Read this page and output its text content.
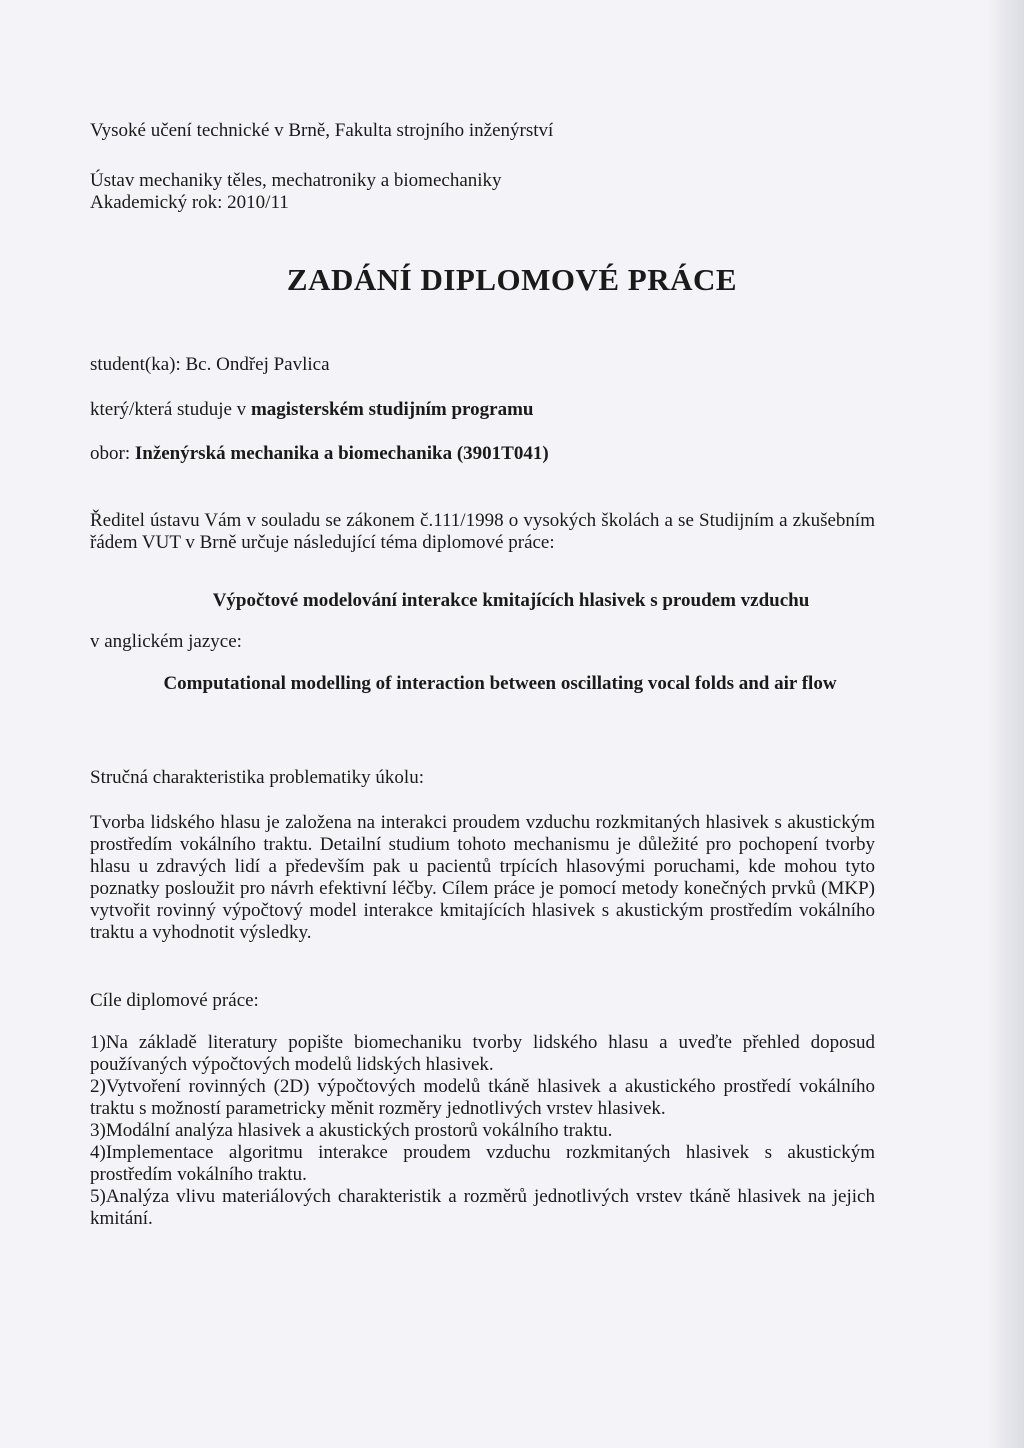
Vysoké učení technické v Brně, Fakulta strojního inženýrství
Ústav mechaniky těles, mechatroniky a biomechaniky
Akademický rok: 2010/11
ZADÁNÍ DIPLOMOVÉ PRÁCE
student(ka): Bc. Ondřej Pavlica
který/která studuje v magisterském studijním programu
obor: Inženýrská mechanika a biomechanika (3901T041)
Ředitel ústavu Vám v souladu se zákonem č.111/1998 o vysokých školách a se Studijním a zkušebním řádem VUT v Brně určuje následující téma diplomové práce:
Výpočtové modelování interakce kmitajících hlasivek s proudem vzduchu
v anglickém jazyce:
Computational modelling of interaction between oscillating vocal folds and air flow
Stručná charakteristika problematiky úkolu:
Tvorba lidského hlasu je založena na interakci proudem vzduchu rozkmitaných hlasivek s akustickým prostředím vokálního traktu. Detailní studium tohoto mechanismu je důležité pro pochopení tvorby hlasu u zdravých lidí a především pak u pacientů trpících hlasovými poruchami, kde mohou tyto poznatky posloužit pro návrh efektivní léčby. Cílem práce je pomocí metody konečných prvků (MKP) vytvořit rovinný výpočtový model interakce kmitajících hlasivek s akustickým prostředím vokálního traktu a vyhodnotit výsledky.
Cíle diplomové práce:
1)Na základě literatury popište biomechaniku tvorby lidského hlasu a uveďte přehled doposud používaných výpočtových modelů lidských hlasivek.
2)Vytvoření rovinných (2D) výpočtových modelů tkáně hlasivek a akustického prostředí vokálního traktu s možností parametricky měnit rozměry jednotlivých vrstev hlasivek.
3)Modální analýza hlasivek a akustických prostorů vokálního traktu.
4)Implementace algoritmu interakce proudem vzduchu rozkmitaných hlasivek s akustickým prostředím vokálního traktu.
5)Analýza vlivu materiálových charakteristik a rozměrů jednotlivých vrstev tkáně hlasivek na jejich kmitání.
